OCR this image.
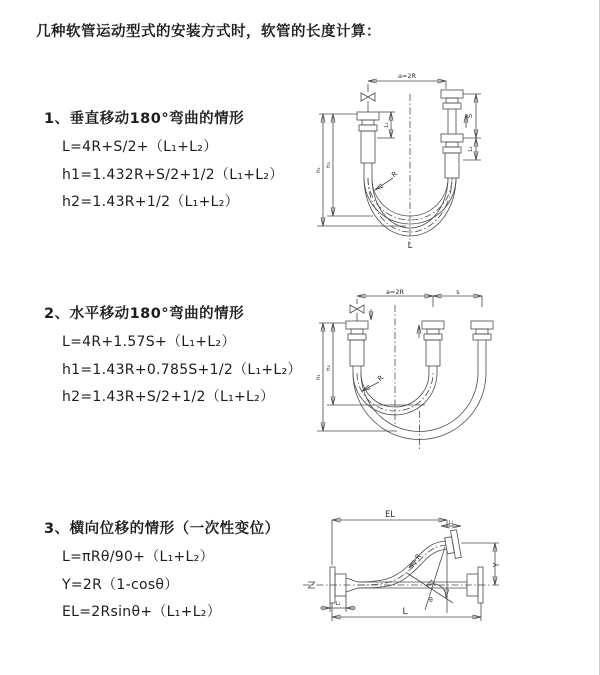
几种软管运动型式的安装方式时，软管的长度计算：
1、垂直移动180°弯曲的情形
L=4R+S/2+（L₁+L₂）
h1=1.432R+S/2+1/2（L₁+L₂）
h2=1.43R+1/2（L₁+L₂）
2、水平移动180°弯曲的情形
L=4R+1.57S+（L₁+L₂）
h1=1.43R+0.785S+1/2（L₁+L₂）
h2=1.43R+S/2+1/2（L₁+L₂）
3、横向位移的情形（一次性变位）
L=πRθ/90+（L₁+L₂）
Y=2R（1-cosθ）
EL=2Rsinθ+（L₁+L₂）
a=2R
S
L₂
h₁
h₂
L₁
R
L
a=2R	s
h₁
h₂
R
EL
L₂
Y
θ
R
L
L₁
